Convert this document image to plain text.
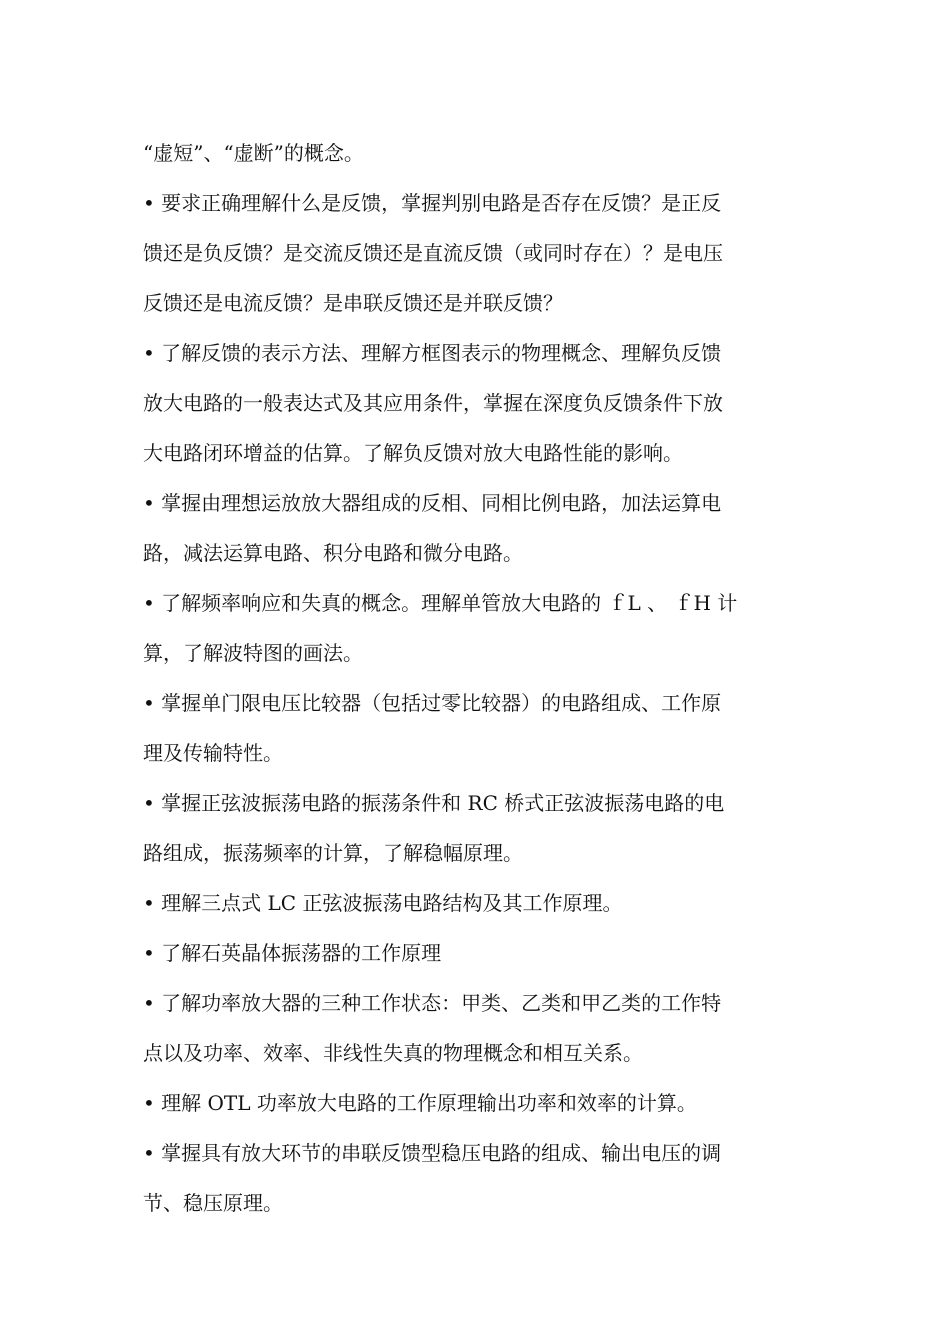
“虚短”、“虚断”的概念。
• 要求正确理解什么是反馈，掌握判别电路是否存在反馈？是正反
馈还是负反馈？是交流反馈还是直流反馈（或同时存在）？是电压
反馈还是电流反馈？是串联反馈还是并联反馈？
• 了解反馈的表示方法、理解方框图表示的物理概念、理解负反馈
放大电路的一般表达式及其应用条件，掌握在深度负反馈条件下放
大电路闭环增益的估算。了解负反馈对放大电路性能的影响。
• 掌握由理想运放放大器组成的反相、同相比例电路，加法运算电
路，减法运算电路、积分电路和微分电路。
• 了解频率响应和失真的概念。理解单管放大电路的 ｆL 、 ｆH 计
算，了解波特图的画法。
• 掌握单门限电压比较器（包括过零比较器）的电路组成、工作原
理及传输特性。
• 掌握正弦波振荡电路的振荡条件和 RC 桥式正弦波振荡电路的电
路组成，振荡频率的计算，了解稳幅原理。
• 理解三点式 LC 正弦波振荡电路结构及其工作原理。
• 了解石英晶体振荡器的工作原理
• 了解功率放大器的三种工作状态：甲类、乙类和甲乙类的工作特
点以及功率、效率、非线性失真的物理概念和相互关系。
• 理解 OTL 功率放大电路的工作原理输出功率和效率的计算。
• 掌握具有放大环节的串联反馈型稳压电路的组成、输出电压的调
节、稳压原理。
